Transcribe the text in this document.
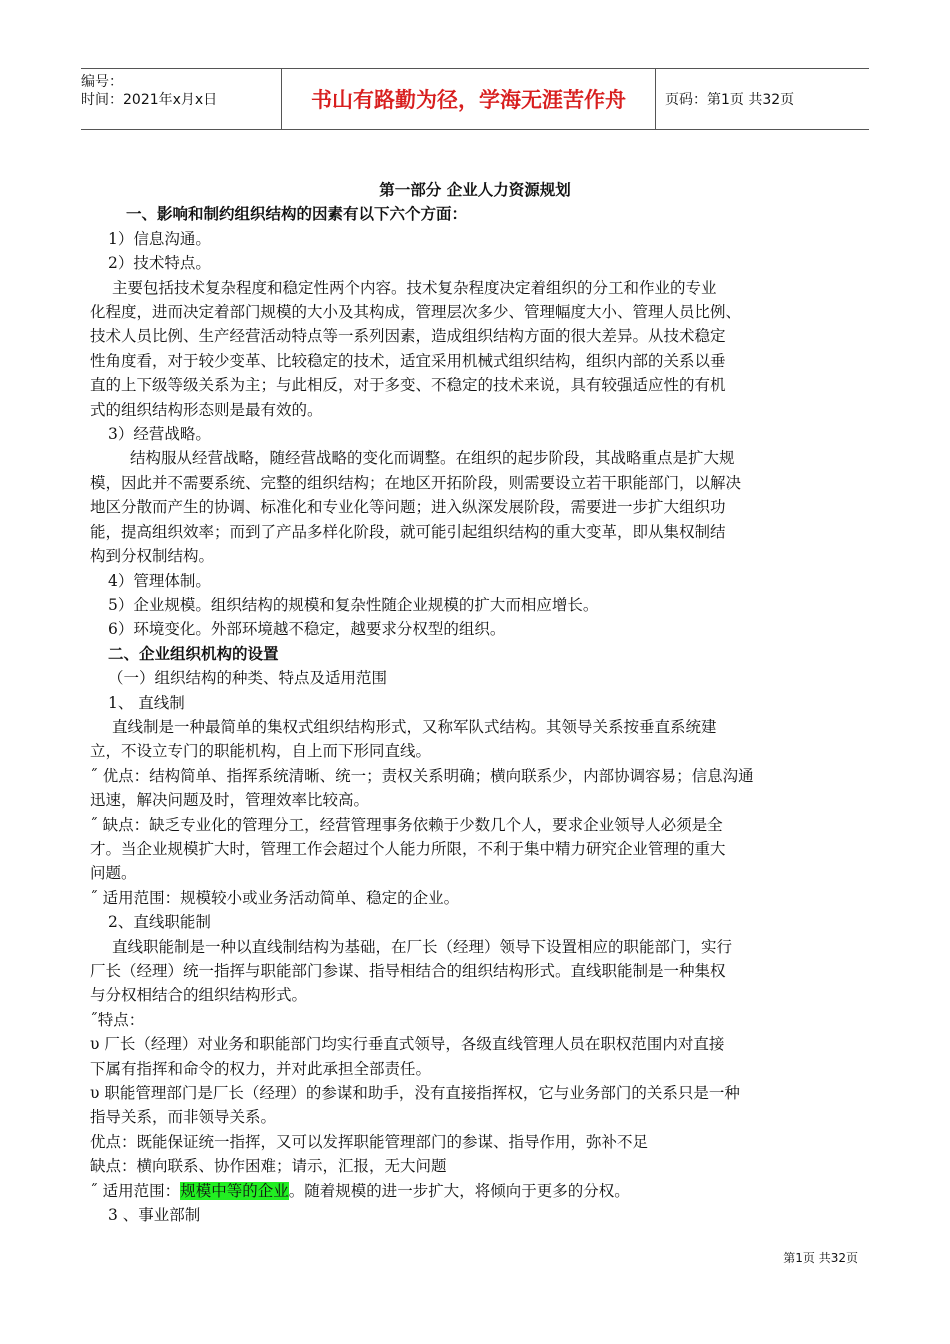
编号：
时间：2021年x月x日	书山有路勤为径，学海无涯苦作舟	页码：第1页 共32页
第一部分 企业人力资源规划
一、影响和制约组织结构的因素有以下六个方面：
1）信息沟通。
2）技术特点。
主要包括技术复杂程度和稳定性两个内容。技术复杂程度决定着组织的分工和作业的专业
化程度，进而决定着部门规模的大小及其构成，管理层次多少、管理幅度大小、管理人员比例、
技术人员比例、生产经营活动特点等一系列因素，造成组织结构方面的很大差异。从技术稳定
性角度看，对于较少变革、比较稳定的技术，适宜采用机械式组织结构，组织内部的关系以垂
直的上下级等级关系为主；与此相反，对于多变、不稳定的技术来说，具有较强适应性的有机
式的组织结构形态则是最有效的。
3）经营战略。
结构服从经营战略，随经营战略的变化而调整。在组织的起步阶段，其战略重点是扩大规
模，因此并不需要系统、完整的组织结构；在地区开拓阶段，则需要设立若干职能部门，以解决
地区分散而产生的协调、标准化和专业化等问题；进入纵深发展阶段，需要进一步扩大组织功
能，提高组织效率；而到了产品多样化阶段，就可能引起组织结构的重大变革，即从集权制结
构到分权制结构。
4）管理体制。
5）企业规模。组织结构的规模和复杂性随企业规模的扩大而相应增长。
6）环境变化。外部环境越不稳定，越要求分权型的组织。
二、企业组织机构的设置
（一）组织结构的种类、特点及适用范围
1、 直线制
直线制是一种最简单的集权式组织结构形式，又称军队式结构。其领导关系按垂直系统建
立，不设立专门的职能机构，自上而下形同直线。
˝ 优点：结构简单、指挥系统清晰、统一；责权关系明确；横向联系少，内部协调容易；信息沟通
迅速，解决问题及时，管理效率比较高。
˝ 缺点：缺乏专业化的管理分工，经营管理事务依赖于少数几个人，要求企业领导人必须是全
才。当企业规模扩大时，管理工作会超过个人能力所限，不利于集中精力研究企业管理的重大
问题。
˝ 适用范围：规模较小或业务活动简单、稳定的企业。
2、直线职能制
直线职能制是一种以直线制结构为基础，在厂长（经理）领导下设置相应的职能部门，实行
厂长（经理）统一指挥与职能部门参谋、指导相结合的组织结构形式。直线职能制是一种集权
与分权相结合的组织结构形式。
˝特点：
υ 厂长（经理）对业务和职能部门均实行垂直式领导，各级直线管理人员在职权范围内对直接
下属有指挥和命令的权力，并对此承担全部责任。
υ 职能管理部门是厂长（经理）的参谋和助手，没有直接指挥权，它与业务部门的关系只是一种
指导关系，而非领导关系。
优点：既能保证统一指挥，又可以发挥职能管理部门的参谋、指导作用，弥补不足
缺点：横向联系、协作困难；请示，汇报，无大问题
˝ 适用范围：规模中等的企业。随着规模的进一步扩大，将倾向于更多的分权。
3 、事业部制
第1页 共32页
